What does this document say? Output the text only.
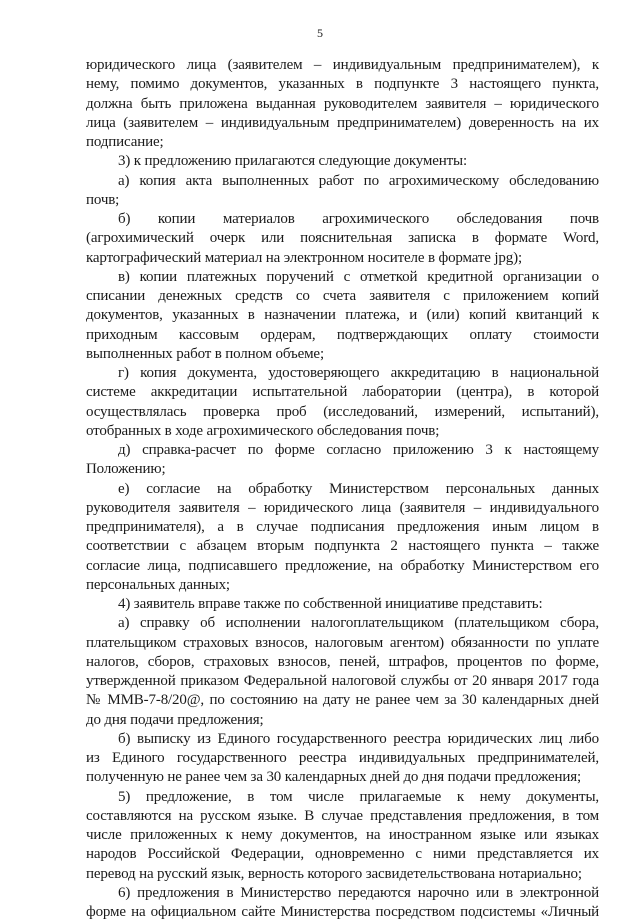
5
юридического лица (заявителем – индивидуальным предпринимателем), к
нему, помимо документов, указанных в подпункте 3 настоящего пункта,
должна быть приложена выданная руководителем заявителя – юридического
лица (заявителем – индивидуальным предпринимателем) доверенность на их
подписание;
3) к предложению прилагаются следующие документы:
а) копия акта выполненных работ по агрохимическому обследованию
почв;
б) копии материалов агрохимического обследования почв
(агрохимический очерк или пояснительная записка в формате Word,
картографический материал на электронном носителе в формате jpg);
в) копии платежных поручений с отметкой кредитной организации о
списании денежных средств со счета заявителя с приложением копий
документов, указанных в назначении платежа, и (или) копий квитанций к
приходным кассовым ордерам, подтверждающих оплату стоимости
выполненных работ в полном объеме;
г) копия документа, удостоверяющего аккредитацию в национальной
системе аккредитации испытательной лаборатории (центра), в которой
осуществлялась проверка проб (исследований, измерений, испытаний),
отобранных в ходе агрохимического обследования почв;
д) справка-расчет по форме согласно приложению 3 к настоящему
Положению;
е) согласие на обработку Министерством персональных данных
руководителя заявителя – юридического лица (заявителя – индивидуального
предпринимателя), а в случае подписания предложения иным лицом в
соответствии с абзацем вторым подпункта 2 настоящего пункта – также
согласие лица, подписавшего предложение, на обработку Министерством его
персональных данных;
4) заявитель вправе также по собственной инициативе представить:
а) справку об исполнении налогоплательщиком (плательщиком сбора,
плательщиком страховых взносов, налоговым агентом) обязанности по уплате
налогов, сборов, страховых взносов, пеней, штрафов, процентов по форме,
утвержденной приказом Федеральной налоговой службы от 20 января 2017 года
№ ММВ-7-8/20@, по состоянию на дату не ранее чем за 30 календарных дней
до дня подачи предложения;
б) выписку из Единого государственного реестра юридических лиц либо
из Единого государственного реестра индивидуальных предпринимателей,
полученную не ранее чем за 30 календарных дней до дня подачи предложения;
5) предложение, в том числе прилагаемые к нему документы,
составляются на русском языке. В случае представления предложения, в том
числе приложенных к нему документов, на иностранном языке или языках
народов Российской Федерации, одновременно с ними представляется их
перевод на русский язык, верность которого засвидетельствована нотариально;
6) предложения в Министерство передаются нарочно или в электронной
форме на официальном сайте Министерства посредством подсистемы «Личный
